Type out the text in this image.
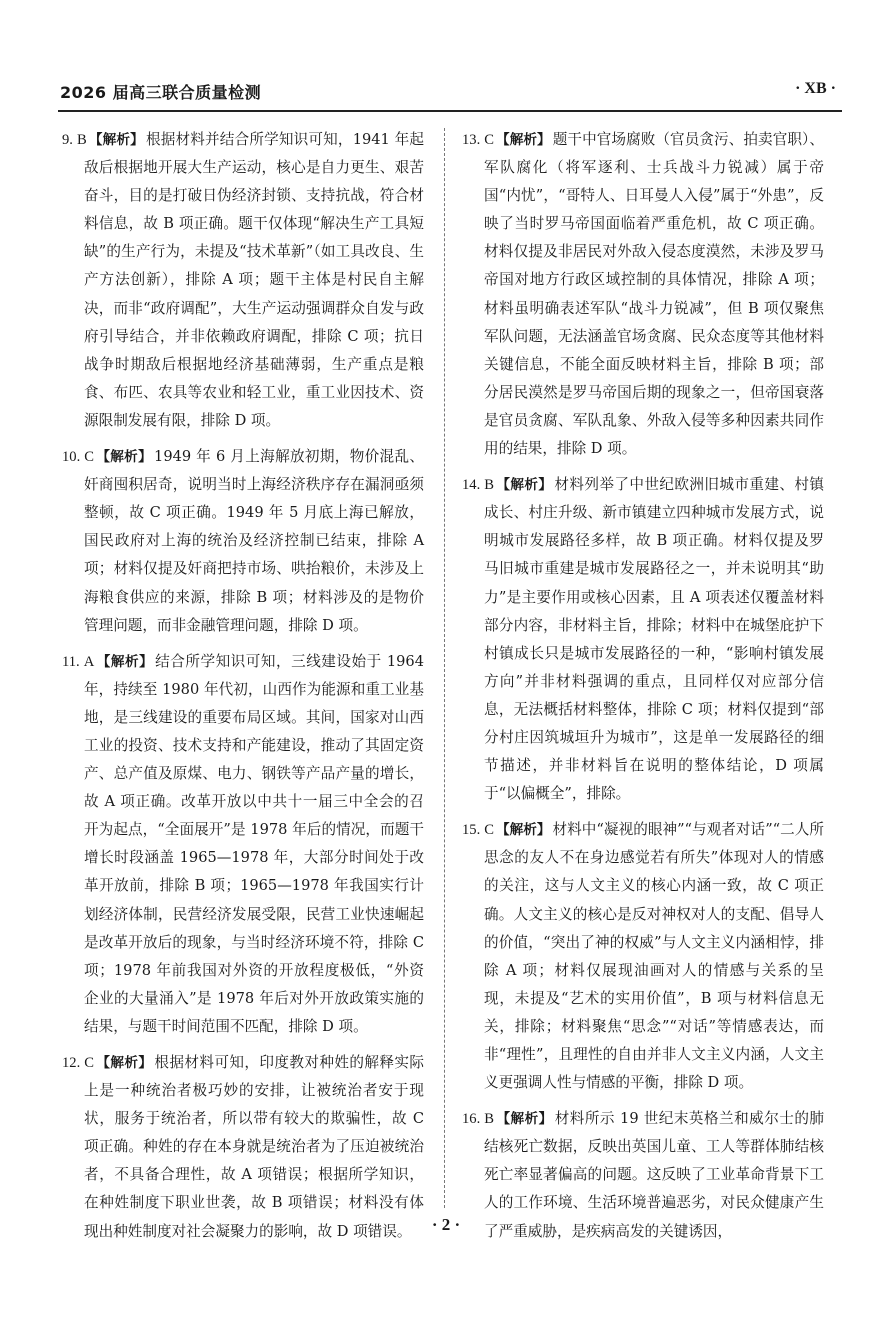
2026 届高三联合质量检测	· XB ·

9. B 【解析】 根据材料并结合所学知识可知，1941 年起敌后根据地开展大生产运动，核心是自力更生、艰苦奋斗，目的是打破日伪经济封锁、支持抗战，符合材料信息，故 B 项正确。题干仅体现“解决生产工具短缺”的生产行为，未提及“技术革新”（如工具改良、生产方法创新），排除 A 项；题干主体是村民自主解决，而非“政府调配”，大生产运动强调群众自发与政府引导结合，并非依赖政府调配，排除 C 项；抗日战争时期敌后根据地经济基础薄弱，生产重点是粮食、布匹、农具等农业和轻工业，重工业因技术、资源限制发展有限，排除 D 项。

10. C 【解析】 1949 年 6 月上海解放初期，物价混乱、奸商囤积居奇，说明当时上海经济秩序存在漏洞亟须整顿，故 C 项正确。1949 年 5 月底上海已解放，国民政府对上海的统治及经济控制已结束，排除 A 项；材料仅提及奸商把持市场、哄抬粮价，未涉及上海粮食供应的来源，排除 B 项；材料涉及的是物价管理问题，而非金融管理问题，排除 D 项。

11. A 【解析】 结合所学知识可知，三线建设始于 1964 年，持续至 1980 年代初，山西作为能源和重工业基地，是三线建设的重要布局区域。其间，国家对山西工业的投资、技术支持和产能建设，推动了其固定资产、总产值及原煤、电力、钢铁等产品产量的增长，故 A 项正确。改革开放以中共十一届三中全会的召开为起点，“全面展开”是 1978 年后的情况，而题干增长时段涵盖 1965—1978 年，大部分时间处于改革开放前，排除 B 项；1965—1978 年我国实行计划经济体制，民营经济发展受限，民营工业快速崛起是改革开放后的现象，与当时经济环境不符，排除 C 项；1978 年前我国对外资的开放程度极低，“外资企业的大量涌入”是 1978 年后对外开放政策实施的结果，与题干时间范围不匹配，排除 D 项。

12. C 【解析】 根据材料可知，印度教对种姓的解释实际上是一种统治者极巧妙的安排，让被统治者安于现状，服务于统治者，所以带有较大的欺骗性，故 C 项正确。种姓的存在本身就是统治者为了压迫被统治者，不具备合理性，故 A 项错误；根据所学知识，在种姓制度下职业世袭，故 B 项错误；材料没有体现出种姓制度对社会凝聚力的影响，故 D 项错误。

13. C 【解析】 题干中官场腐败（官员贪污、拍卖官职）、军队腐化（将军逐利、士兵战斗力锐减）属于帝国“内忧”，“哥特人、日耳曼人入侵”属于“外患”，反映了当时罗马帝国面临着严重危机，故 C 项正确。材料仅提及非居民对外敌入侵态度漠然，未涉及罗马帝国对地方行政区域控制的具体情况，排除 A 项；材料虽明确表述军队“战斗力锐减”，但 B 项仅聚焦军队问题，无法涵盖官场贪腐、民众态度等其他材料关键信息，不能全面反映材料主旨，排除 B 项；部分居民漠然是罗马帝国后期的现象之一，但帝国衰落是官员贪腐、军队乱象、外敌入侵等多种因素共同作用的结果，排除 D 项。

14. B 【解析】 材料列举了中世纪欧洲旧城市重建、村镇成长、村庄升级、新市镇建立四种城市发展方式，说明城市发展路径多样，故 B 项正确。材料仅提及罗马旧城市重建是城市发展路径之一，并未说明其“助力”是主要作用或核心因素，且 A 项表述仅覆盖材料部分内容，非材料主旨，排除；材料中在城堡庇护下村镇成长只是城市发展路径的一种，“影响村镇发展方向”并非材料强调的重点，且同样仅对应部分信息，无法概括材料整体，排除 C 项；材料仅提到“部分村庄因筑城垣升为城市”，这是单一发展路径的细节描述，并非材料旨在说明的整体结论，D 项属于“以偏概全”，排除。

15. C 【解析】 材料中“凝视的眼神”“与观者对话”“二人所思念的友人不在身边感觉若有所失”体现对人的情感的关注，这与人文主义的核心内涵一致，故 C 项正确。人文主义的核心是反对神权对人的支配、倡导人的价值，“突出了神的权威”与人文主义内涵相悖，排除 A 项；材料仅展现油画对人的情感与关系的呈现，未提及“艺术的实用价值”，B 项与材料信息无关，排除；材料聚焦“思念”“对话”等情感表达，而非“理性”，且理性的自由并非人文主义内涵，人文主义更强调人性与情感的平衡，排除 D 项。

16. B 【解析】 材料所示 19 世纪末英格兰和威尔士的肺结核死亡数据，反映出英国儿童、工人等群体肺结核死亡率显著偏高的问题。这反映了工业革命背景下工人的工作环境、生活环境普遍恶劣，对民众健康产生了严重威胁，是疾病高发的关键诱因，

· 2 ·
